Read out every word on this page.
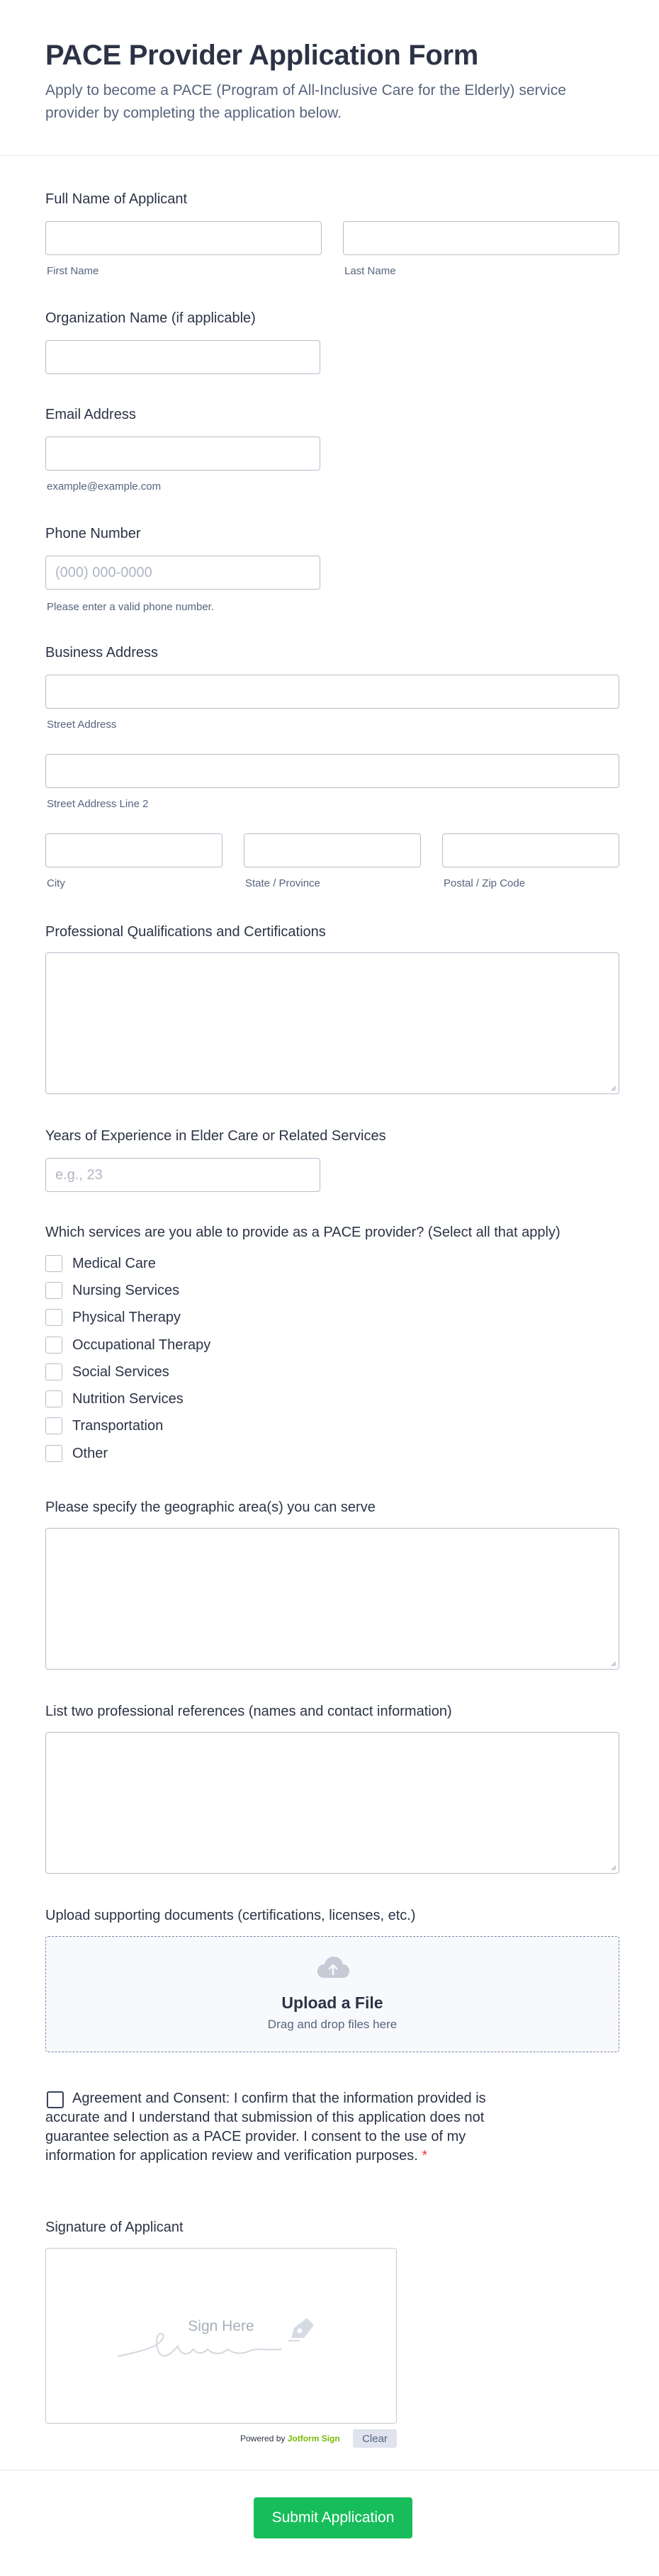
PACE Provider Application Form

Apply to become a PACE (Program of All-Inclusive Care for the Elderly) service provider by completing the application below.

Full Name of Applicant
First Name	Last Name
Organization Name (if applicable)
Email Address
example@example.com
Phone Number
(000) 000-0000
Please enter a valid phone number.
Business Address
Street Address
Street Address Line 2
City	State / Province	Postal / Zip Code
Professional Qualifications and Certifications
Years of Experience in Elder Care or Related Services
e.g., 23
Which services are you able to provide as a PACE provider? (Select all that apply)
Medical Care
Nursing Services
Physical Therapy
Occupational Therapy
Social Services
Nutrition Services
Transportation
Other
Please specify the geographic area(s) you can serve
List two professional references (names and contact information)
Upload supporting documents (certifications, licenses, etc.)
Upload a File
Drag and drop files here
Agreement and Consent: I confirm that the information provided is accurate and I understand that submission of this application does not guarantee selection as a PACE provider. I consent to the use of my information for application review and verification purposes. *
Signature of Applicant
Sign Here
Powered by Jotform Sign	Clear
Submit Application
